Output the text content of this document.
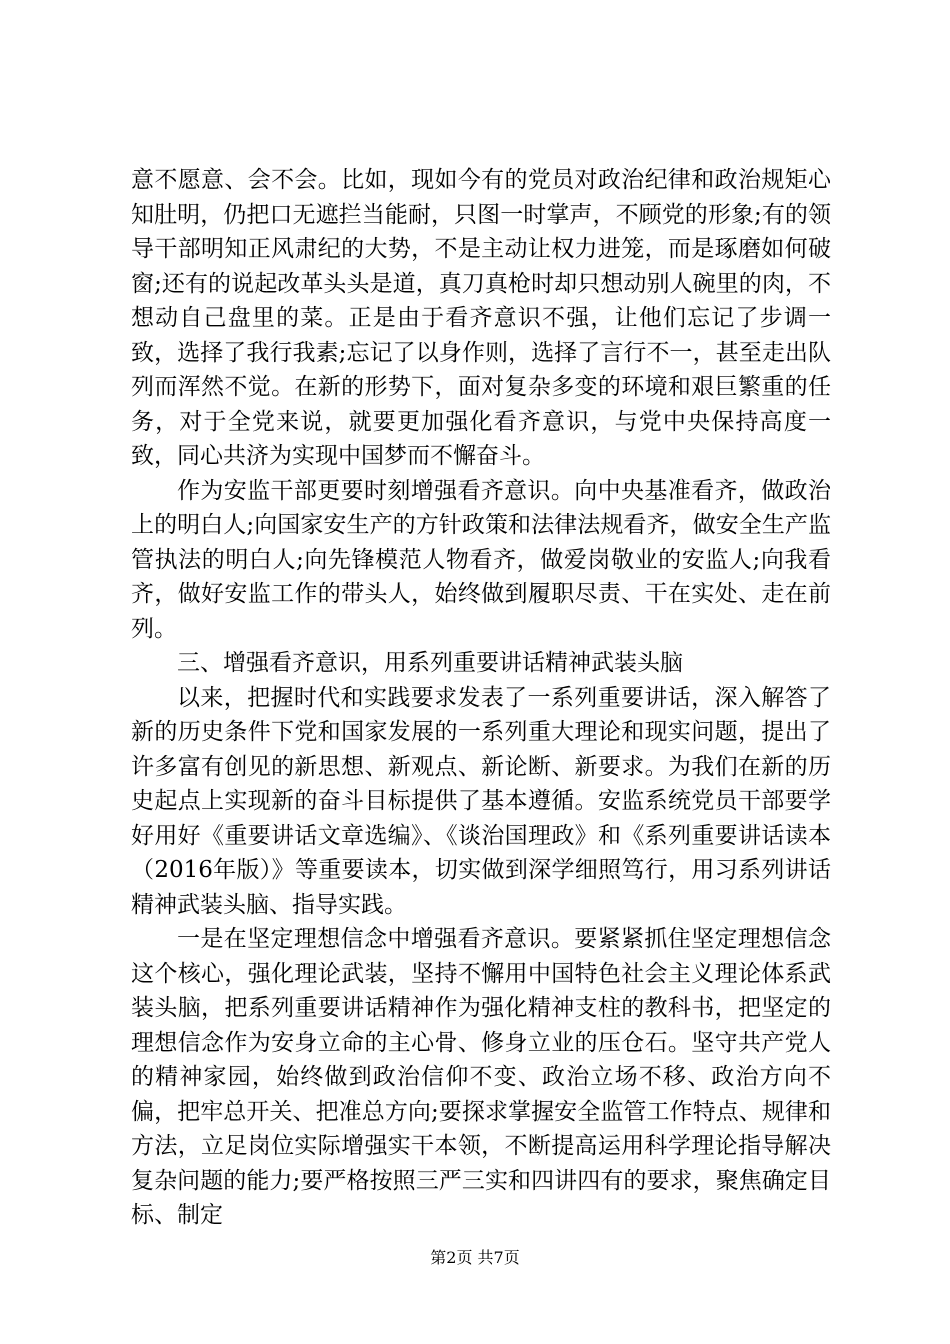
意不愿意、会不会。比如，现如今有的党员对政治纪律和政治规矩心知肚明，仍把口无遮拦当能耐，只图一时掌声，不顾党的形象;有的领导干部明知正风肃纪的大势，不是主动让权力进笼，而是琢磨如何破窗;还有的说起改革头头是道，真刀真枪时却只想动别人碗里的肉，不想动自己盘里的菜。正是由于看齐意识不强，让他们忘记了步调一致，选择了我行我素;忘记了以身作则，选择了言行不一，甚至走出队列而浑然不觉。在新的形势下，面对复杂多变的环境和艰巨繁重的任务，对于全党来说，就要更加强化看齐意识，与党中央保持高度一致，同心共济为实现中国梦而不懈奋斗。

作为安监干部更要时刻增强看齐意识。向中央基准看齐，做政治上的明白人;向国家安生产的方针政策和法律法规看齐，做安全生产监管执法的明白人;向先锋模范人物看齐，做爱岗敬业的安监人;向我看齐，做好安监工作的带头人，始终做到履职尽责、干在实处、走在前列。

三、增强看齐意识，用系列重要讲话精神武装头脑

以来，把握时代和实践要求发表了一系列重要讲话，深入解答了新的历史条件下党和国家发展的一系列重大理论和现实问题，提出了许多富有创见的新思想、新观点、新论断、新要求。为我们在新的历史起点上实现新的奋斗目标提供了基本遵循。安监系统党员干部要学好用好《重要讲话文章选编》、《谈治国理政》和《系列重要讲话读本（2016年版）》等重要读本，切实做到深学细照笃行，用习系列讲话精神武装头脑、指导实践。

一是在坚定理想信念中增强看齐意识。要紧紧抓住坚定理想信念这个核心，强化理论武装，坚持不懈用中国特色社会主义理论体系武装头脑，把系列重要讲话精神作为强化精神支柱的教科书，把坚定的理想信念作为安身立命的主心骨、修身立业的压仓石。坚守共产党人的精神家园，始终做到政治信仰不变、政治立场不移、政治方向不偏，把牢总开关、把准总方向;要探求掌握安全监管工作特点、规律和方法，立足岗位实际增强实干本领，不断提高运用科学理论指导解决复杂问题的能力;要严格按照三严三实和四讲四有的要求，聚焦确定目标、制定

第2页 共7页
